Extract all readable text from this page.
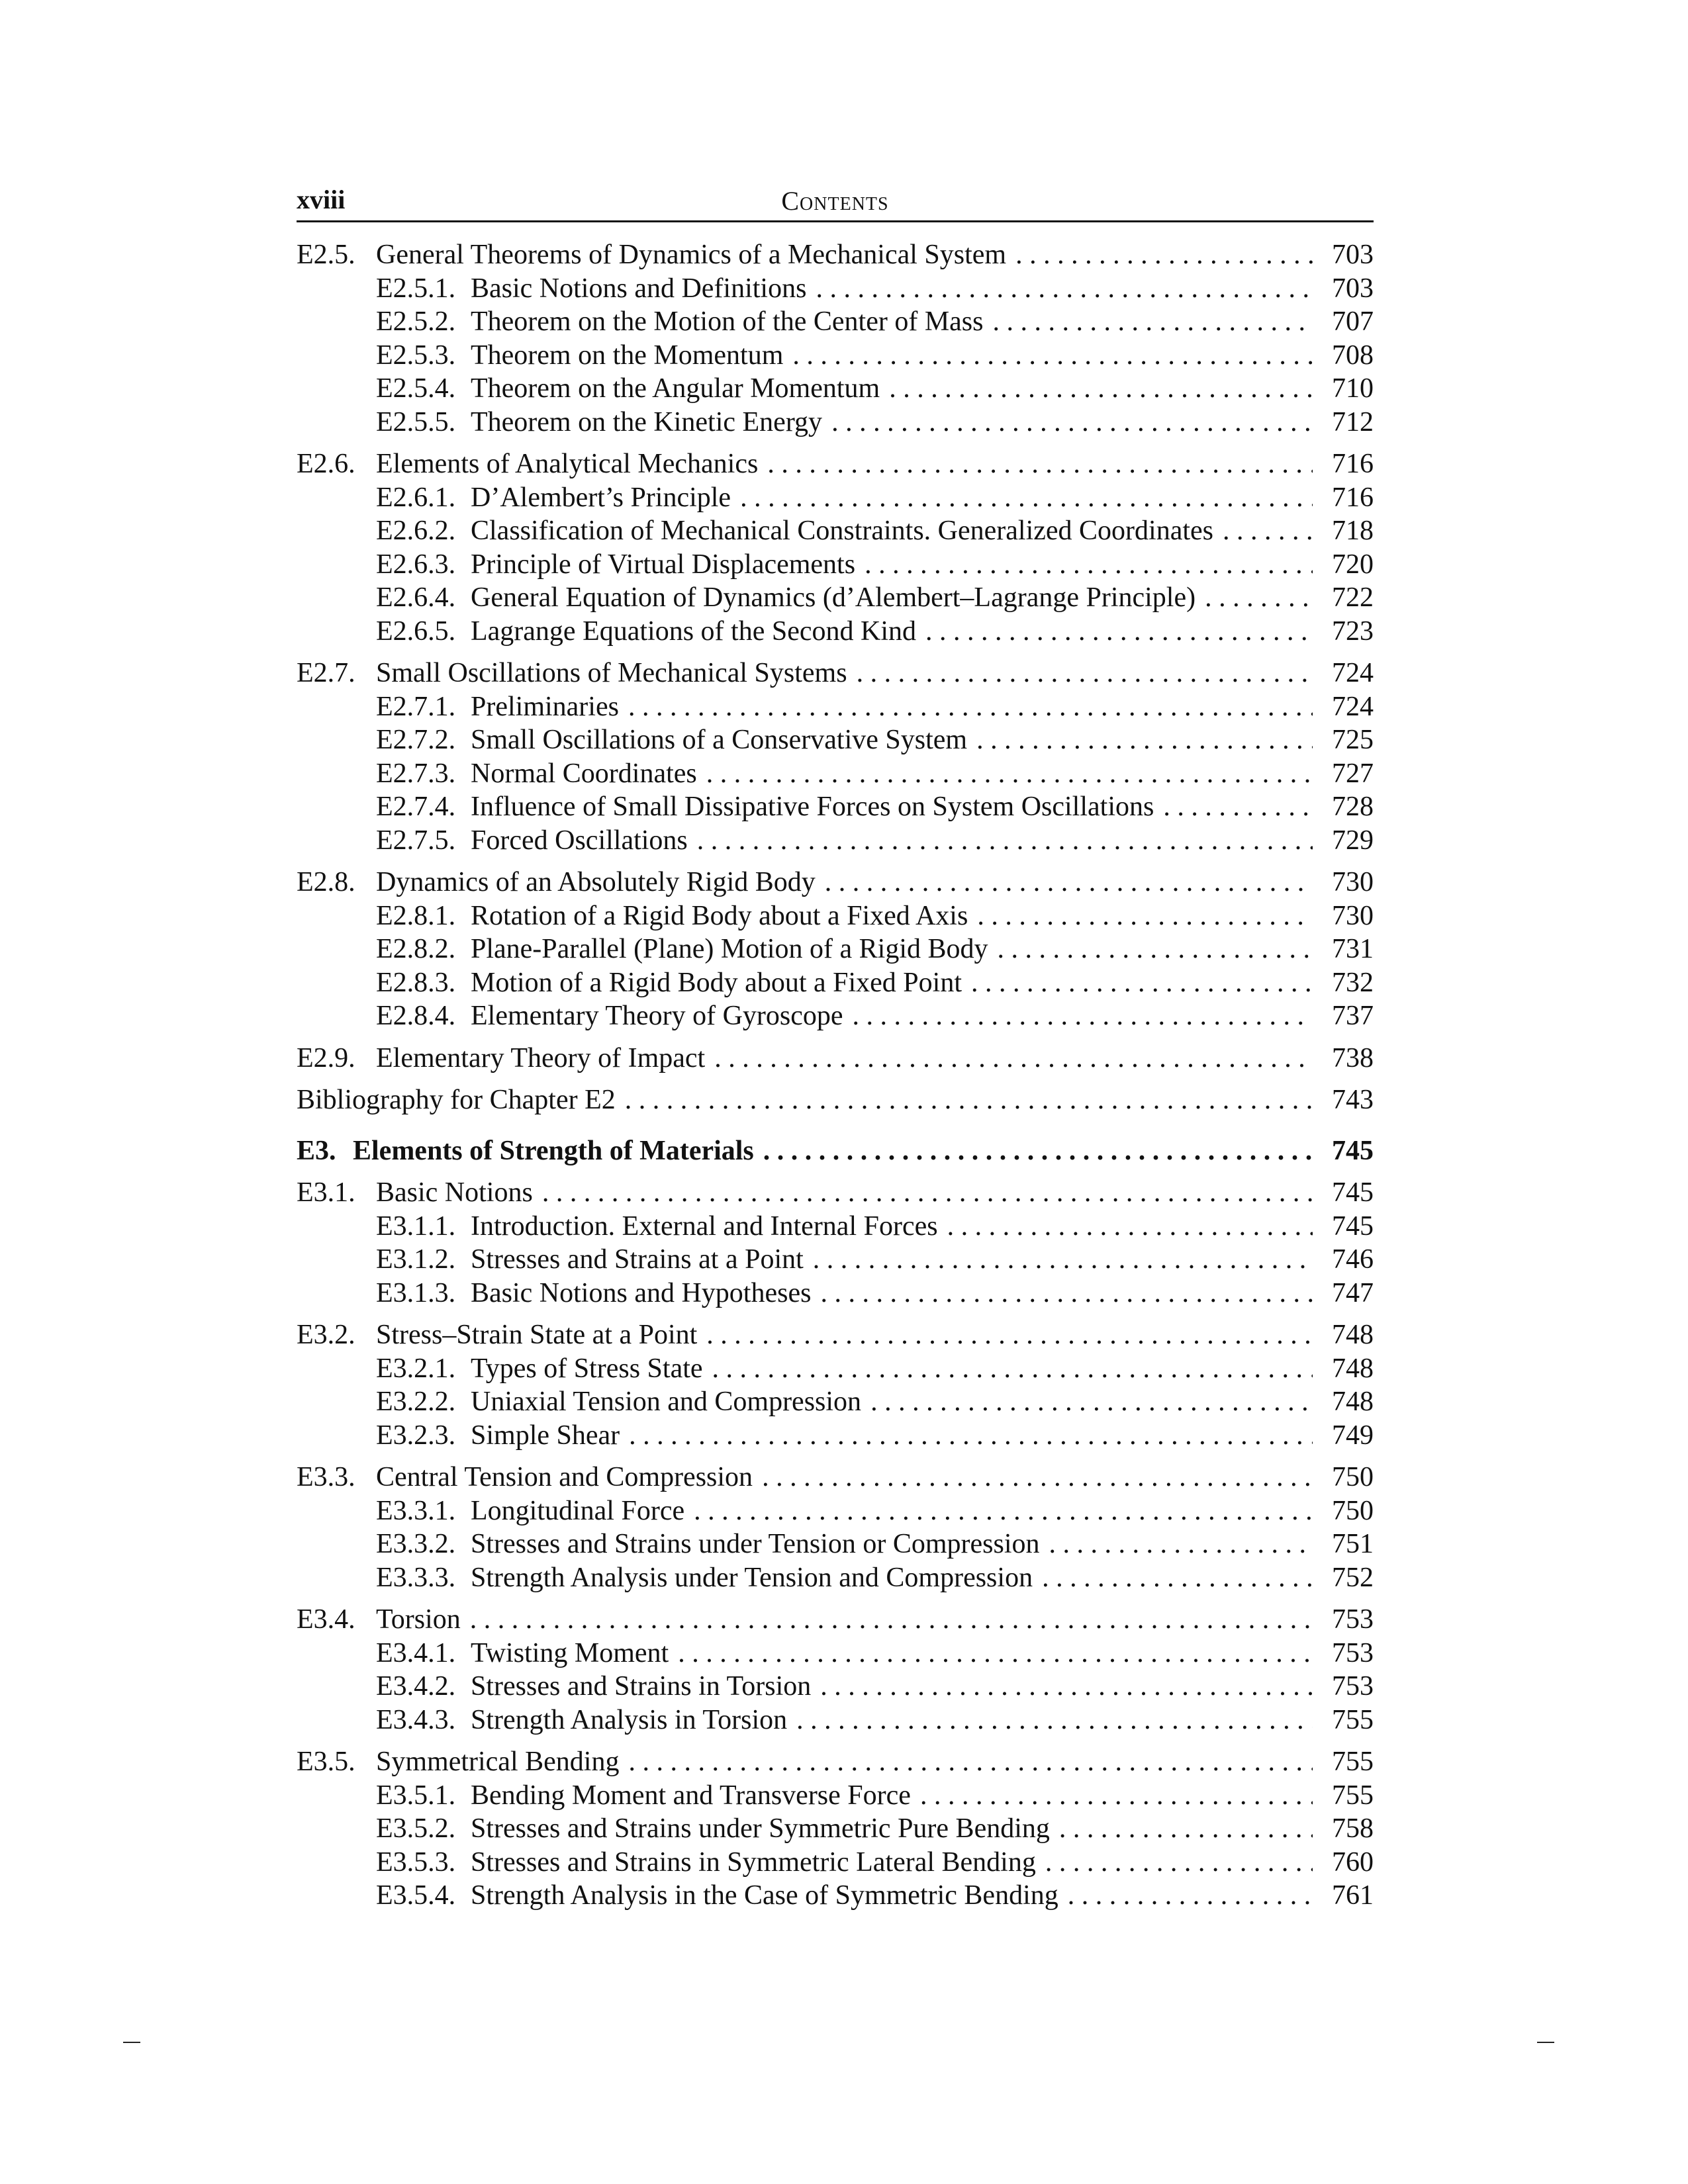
xviii	Contents
E2.5. General Theorems of Dynamics of a Mechanical System . . .	703
E2.5.1. Basic Notions and Definitions . . .	703
E2.5.2. Theorem on the Motion of the Center of Mass . . .	707
E2.5.3. Theorem on the Momentum . . .	708
E2.5.4. Theorem on the Angular Momentum . . .	710
E2.5.5. Theorem on the Kinetic Energy . . .	712
E2.6. Elements of Analytical Mechanics . . .	716
E2.6.1. D’Alembert’s Principle . . .	716
E2.6.2. Classification of Mechanical Constraints. Generalized Coordinates . . .	718
E2.6.3. Principle of Virtual Displacements . . .	720
E2.6.4. General Equation of Dynamics (d’Alembert–Lagrange Principle) . . .	722
E2.6.5. Lagrange Equations of the Second Kind . . .	723
E2.7. Small Oscillations of Mechanical Systems . . .	724
E2.7.1. Preliminaries . . .	724
E2.7.2. Small Oscillations of a Conservative System . . .	725
E2.7.3. Normal Coordinates . . .	727
E2.7.4. Influence of Small Dissipative Forces on System Oscillations . . .	728
E2.7.5. Forced Oscillations . . .	729
E2.8. Dynamics of an Absolutely Rigid Body . . .	730
E2.8.1. Rotation of a Rigid Body about a Fixed Axis . . .	730
E2.8.2. Plane-Parallel (Plane) Motion of a Rigid Body . . .	731
E2.8.3. Motion of a Rigid Body about a Fixed Point . . .	732
E2.8.4. Elementary Theory of Gyroscope . . .	737
E2.9. Elementary Theory of Impact . . .	738
Bibliography for Chapter E2 . . .	743
E3. Elements of Strength of Materials . . .	745
E3.1. Basic Notions . . .	745
E3.1.1. Introduction. External and Internal Forces . . .	745
E3.1.2. Stresses and Strains at a Point . . .	746
E3.1.3. Basic Notions and Hypotheses . . .	747
E3.2. Stress–Strain State at a Point . . .	748
E3.2.1. Types of Stress State . . .	748
E3.2.2. Uniaxial Tension and Compression . . .	748
E3.2.3. Simple Shear . . .	749
E3.3. Central Tension and Compression . . .	750
E3.3.1. Longitudinal Force . . .	750
E3.3.2. Stresses and Strains under Tension or Compression . . .	751
E3.3.3. Strength Analysis under Tension and Compression . . .	752
E3.4. Torsion . . .	753
E3.4.1. Twisting Moment . . .	753
E3.4.2. Stresses and Strains in Torsion . . .	753
E3.4.3. Strength Analysis in Torsion . . .	755
E3.5. Symmetrical Bending . . .	755
E3.5.1. Bending Moment and Transverse Force . . .	755
E3.5.2. Stresses and Strains under Symmetric Pure Bending . . .	758
E3.5.3. Stresses and Strains in Symmetric Lateral Bending . . .	760
E3.5.4. Strength Analysis in the Case of Symmetric Bending . . .	761
